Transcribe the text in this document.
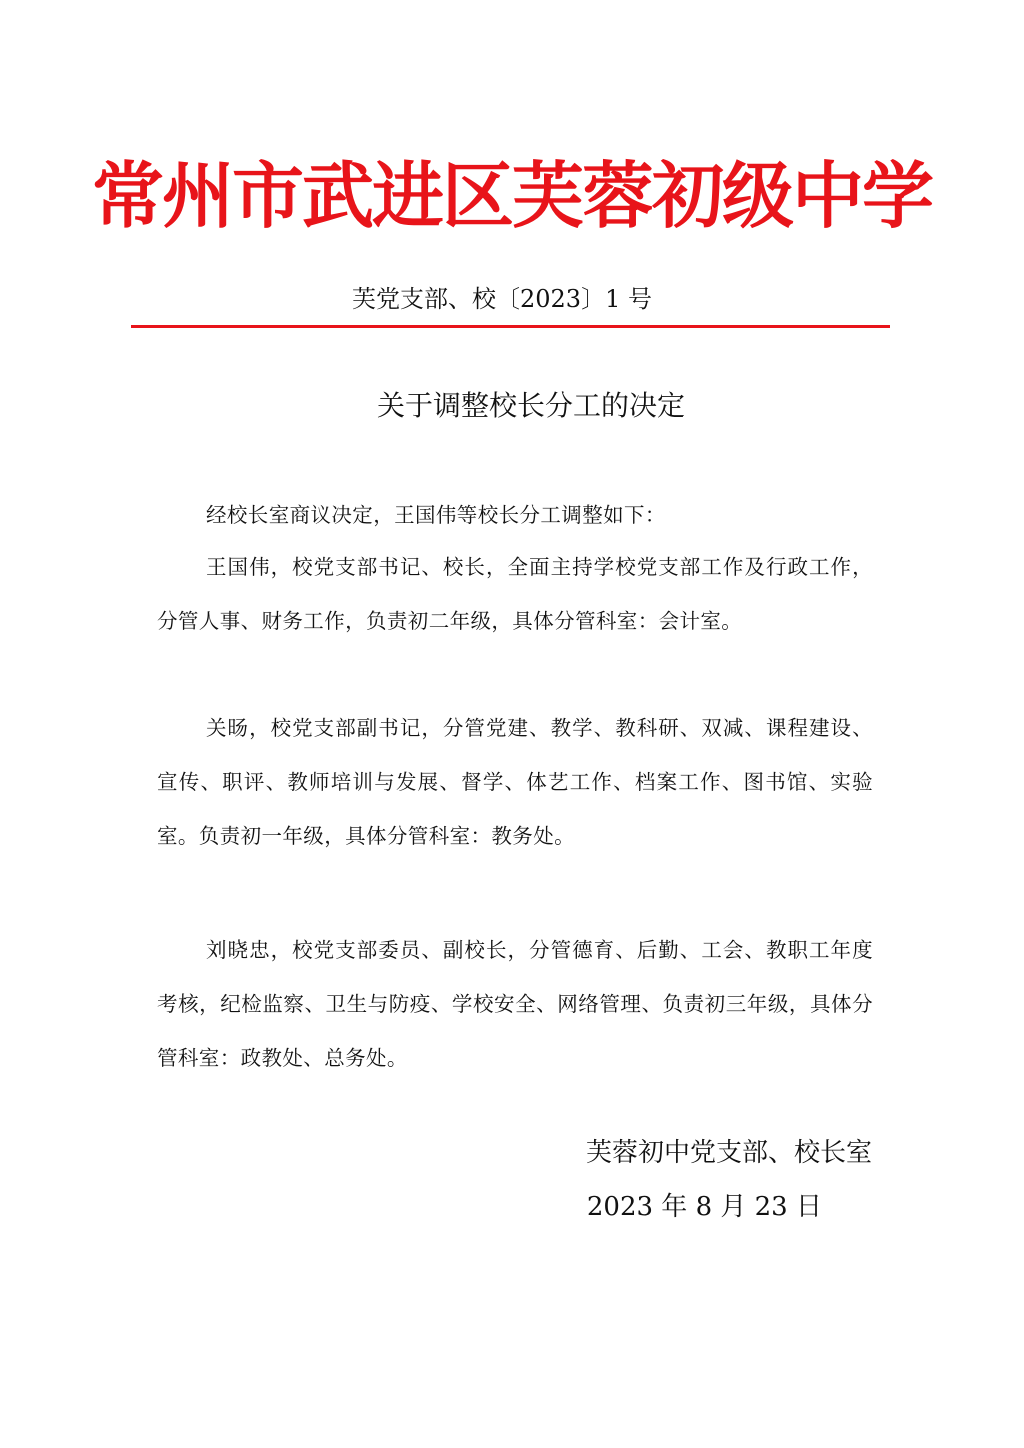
常州市武进区芙蓉初级中学
芙党支部、校〔2023〕1 号
关于调整校长分工的决定
经校长室商议决定，王国伟等校长分工调整如下：
王国伟，校党支部书记、校长，全面主持学校党支部工作及行政工作，分管人事、财务工作，负责初二年级，具体分管科室：会计室。
关旸，校党支部副书记，分管党建、教学、教科研、双减、课程建设、宣传、职评、教师培训与发展、督学、体艺工作、档案工作、图书馆、实验室。负责初一年级，具体分管科室：教务处。
刘晓忠，校党支部委员、副校长，分管德育、后勤、工会、教职工年度考核，纪检监察、卫生与防疫、学校安全、网络管理、负责初三年级，具体分管科室：政教处、总务处。
芙蓉初中党支部、校长室
2023 年 8 月 23 日
